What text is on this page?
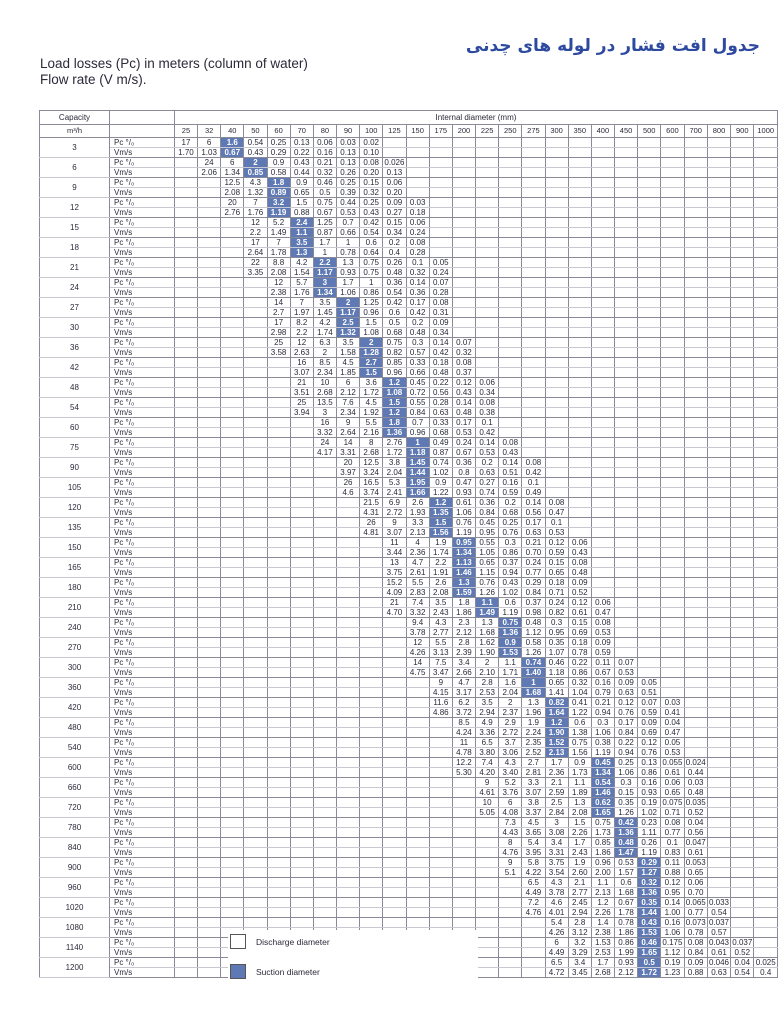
جدول افت فشار در لوله های چدنی
Load losses (Pc) in meters (column of water)
Flow rate (V m/s).
Capacity		Internal diameter (mm)																									
m³/h		25	32	40	50	60	70	80	90	100	125	150	175	200	225	250	275	300	350	400	450	500	600	700	800	900	1000
3	Pc °/₀	17	6	1.6	0.54	0.25	0.13	0.06	0.03	0.02																	
	Vm/s	1.70	1.03	0.67	0.43	0.29	0.22	0.16	0.13	0.10																	
6	Pc °/₀		24	6	2	0.9	0.43	0.21	0.13	0.08	0.026																
	Vm/s		2.06	1.34	0.85	0.58	0.44	0.32	0.26	0.20	0.13																
9	Pc °/₀			12.5	4.3	1.8	0.9	0.46	0.25	0.15	0.06																
	Vm/s			2.08	1.32	0.89	0.65	0.5	0.39	0.32	0.20																
12	Pc °/₀			20	7	3.2	1.5	0.75	0.44	0.25	0.09	0.03															
	Vm/s			2.76	1.76	1.19	0.88	0.67	0.53	0.43	0.27	0.18															
15	Pc °/₀				12	5.2	2.4	1.25	0.7	0.42	0.15	0.06															
	Vm/s				2.2	1.49	1.1	0.87	0.66	0.54	0.34	0.24															
18	Pc °/₀				17	7	3.5	1.7	1	0.6	0.2	0.08															
	Vm/s				2.64	1.78	1.3	1	0.78	0.64	0.4	0.28															
21	Pc °/₀				22	8.8	4.2	2.2	1.3	0.75	0.26	0.1	0.05														
	Vm/s				3.35	2.08	1.54	1.17	0.93	0.75	0.48	0.32	0.24														
24	Pc °/₀					12	5.7	3	1.7	1	0.36	0.14	0.07														
	Vm/s					2.38	1.76	1.34	1.06	0.86	0.54	0.36	0.28														
27	Pc °/₀					14	7	3.5	2	1.25	0.42	0.17	0.08														
	Vm/s					2.7	1.97	1.45	1.17	0.96	0.6	0.42	0.31														
30	Pc °/₀					17	8.2	4.2	2.5	1.5	0.5	0.2	0.09														
	Vm/s					2.98	2.2	1.74	1.32	1.08	0.68	0.48	0.34														
36	Pc °/₀					25	12	6.3	3.5	2	0.75	0.3	0.14	0.07													
	Vm/s					3.58	2.63	2	1.58	1.28	0.82	0.57	0.42	0.32													
42	Pc °/₀						16	8.5	4.5	2.7	0.85	0.33	0.18	0.08													
	Vm/s						3.07	2.34	1.85	1.5	0.96	0.66	0.48	0.37													
48	Pc °/₀						21	10	6	3.6	1.2	0.45	0.22	0.12	0.06												
	Vm/s						3.51	2.68	2.12	1.72	1.08	0.72	0.56	0.43	0.34												
54	Pc °/₀						25	13.5	7.6	4.5	1.5	0.55	0.28	0.14	0.08												
	Vm/s						3.94	3	2.34	1.92	1.2	0.84	0.63	0.48	0.38												
60	Pc °/₀							16	9	5.5	1.8	0.7	0.33	0.17	0.1												
	Vm/s							3.32	2.64	2.16	1.36	0.96	0.68	0.53	0.42												
75	Pc °/₀							24	14	8	2.76	1	0.49	0.24	0.14	0.08											
	Vm/s							4.17	3.31	2.68	1.72	1.18	0.87	0.67	0.53	0.43											
90	Pc °/₀								20	12.5	3.8	1.45	0.74	0.36	0.2	0.14	0.08										
	Vm/s								3.97	3.24	2.04	1.44	1.02	0.8	0.63	0.51	0.42										
105	Pc °/₀								26	16.5	5.3	1.95	0.9	0.47	0.27	0.16	0.1										
	Vm/s								4.6	3.74	2.41	1.66	1.22	0.93	0.74	0.59	0.49										
120	Pc °/₀									21.5	6.9	2.6	1.2	0.61	0.36	0.2	0.14	0.08									
	Vm/s									4.31	2.72	1.93	1.35	1.06	0.84	0.68	0.56	0.47									
135	Pc °/₀									26	9	3.3	1.5	0.76	0.45	0.25	0.17	0.1									
	Vm/s									4.81	3.07	2.13	1.56	1.19	0.95	0.76	0.63	0.53									
150	Pc °/₀										11	4	1.9	0.95	0.55	0.3	0.21	0.12	0.06								
	Vm/s										3.44	2.36	1.74	1.34	1.05	0.86	0.70	0.59	0.43								
165	Pc °/₀										13	4.7	2.2	1.13	0.65	0.37	0.24	0.15	0.08								
	Vm/s										3.75	2.61	1.91	1.46	1.15	0.94	0.77	0.65	0.48								
180	Pc °/₀										15.2	5.5	2.6	1.3	0.76	0.43	0.29	0.18	0.09								
	Vm/s										4.09	2.83	2.08	1.59	1.26	1.02	0.84	0.71	0.52								
210	Pc °/₀										21	7.4	3.5	1.8	1.1	0.6	0.37	0.24	0.12	0.06							
	Vm/s										4.70	3.32	2.43	1.86	1.49	1.19	0.98	0.82	0.61	0.47							
240	Pc °/₀											9.4	4.3	2.3	1.3	0.75	0.48	0.3	0.15	0.08							
	Vm/s											3.78	2.77	2.12	1.68	1.36	1.12	0.95	0.69	0.53							
270	Pc °/₀											12	5.5	2.8	1.62	0.9	0.58	0.35	0.18	0.09							
	Vm/s											4.26	3.13	2.39	1.90	1.53	1.26	1.07	0.78	0.59							
300	Pc °/₀											14	7.5	3.4	2	1.1	0.74	0.46	0.22	0.11	0.07						
	Vm/s											4.75	3.47	2.66	2.10	1.71	1.40	1.18	0.86	0.67	0.53						
360	Pc °/₀												9	4.7	2.8	1.6	1	0.65	0.32	0.16	0.09	0.05					
	Vm/s												4.15	3.17	2.53	2.04	1.68	1.41	1.04	0.79	0.63	0.51					
420	Pc °/₀												11.6	6.2	3.5	2	1.3	0.82	0.41	0.21	0.12	0.07	0.03				
	Vm/s												4.86	3.72	2.94	2.37	1.96	1.64	1.22	0.94	0.76	0.59	0.41				
480	Pc °/₀													8.5	4.9	2.9	1.9	1.2	0.6	0.3	0.17	0.09	0.04				
	Vm/s													4.24	3.36	2.72	2.24	1.90	1.38	1.06	0.84	0.69	0.47				
540	Pc °/₀													11	6.5	3.7	2.35	1.52	0.75	0.38	0.22	0.12	0.05				
	Vm/s													4.78	3.80	3.06	2.52	2.13	1.56	1.19	0.94	0.76	0.53				
600	Pc °/₀													12.2	7.4	4.3	2.7	1.7	0.9	0.45	0.25	0.13	0.055	0.024			
	Vm/s													5.30	4.20	3.40	2.81	2.36	1.73	1.34	1.06	0.86	0.61	0.44			
660	Pc °/₀														9	5.2	3.3	2.1	1.1	0.54	0.3	0.16	0.06	0.03			
	Vm/s														4.61	3.76	3.07	2.59	1.89	1.46	0.15	0.93	0.65	0.48			
720	Pc °/₀														10	6	3.8	2.5	1.3	0.62	0.35	0.19	0.075	0.035			
	Vm/s														5.05	4.08	3.37	2.84	2.08	1.65	1.26	1.02	0.71	0.52			
780	Pc °/₀															7.3	4.5	3	1.5	0.75	0.42	0.23	0.08	0.04			
	Vm/s															4.43	3.65	3.08	2.26	1.73	1.36	1.11	0.77	0.56			
840	Pc °/₀															8	5.4	3.4	1.7	0.85	0.48	0.26	0.1	0.047			
	Vm/s															4.76	3.95	3.31	2.43	1.86	1.47	1.19	0.83	0.61			
900	Pc °/₀															9	5.8	3.75	1.9	0.96	0.53	0.29	0.11	0.053			
	Vm/s															5.1	4.22	3.54	2.60	2.00	1.57	1.27	0.88	0.65			
960	Pc °/₀																6.5	4.3	2.1	1.1	0.6	0.32	0.12	0.06			
	Vm/s																4.49	3.78	2.77	2.13	1.68	1.36	0.95	0.70			
1020	Pc °/₀																7.2	4.6	2.45	1.2	0.67	0.35	0.14	0.065	0.033		
	Vm/s																4.76	4.01	2.94	2.26	1.78	1.44	1.00	0.77	0.54		
1080	Pc °/₀																	5.4	2.8	1.4	0.78	0.43	0.16	0.073	0.037		
	Vm/s																	4.26	3.12	2.38	1.86	1.53	1.06	0.78	0.57		
1140	Pc °/₀																	6	3.2	1.53	0.86	0.46	0.175	0.08	0.043	0.037	
	Vm/s																	4.49	3.29	2.53	1.99	1.65	1.12	0.84	0.61	0.52	
1200	Pc °/₀																	6.5	3.4	1.7	0.93	0.5	0.19	0.09	0.046	0.04	0.025
	Vm/s																	4.72	3.45	2.68	2.12	1.72	1.23	0.88	0.63	0.54	0.4
Discharge diameter
Suction diameter
